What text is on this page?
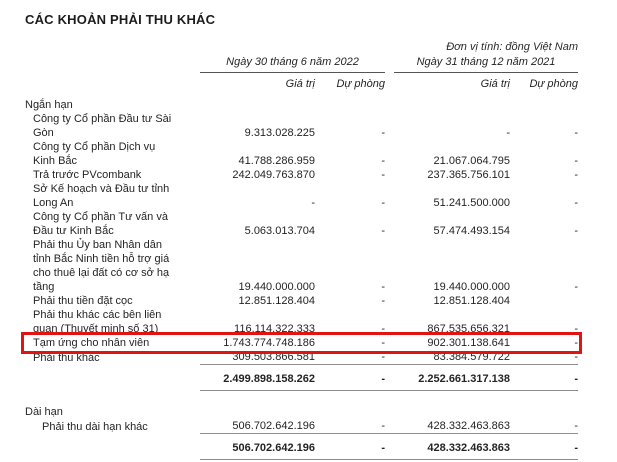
CÁC KHOẢN PHẢI THU KHÁC
Đơn vị tính: đồng Việt Nam

	Ngày 30 tháng 6 năm 2022		Ngày 31 tháng 12 năm 2021	

	Giá trị	Dự phòng	Giá trị	Dự phòng
Ngắn hạn				
Công ty Cổ phần Đầu tư Sài Gòn	9.313.028.225	-	-	-
Công ty Cổ phần Dịch vụ Kinh Bắc	41.788.286.959	-	21.067.064.795	-
Trả trước PVcombank	242.049.763.870	-	237.365.756.101	-
Sở Kế hoạch và Đầu tư tỉnh Long An	-	-	51.241.500.000	-
Công ty Cổ phần Tư vấn và Đầu tư Kinh Bắc	5.063.013.704	-	57.474.493.154	-
Phải thu Ủy ban Nhân dân tỉnh Bắc Ninh tiền hỗ trợ giá cho thuê lại đất có cơ sở hạ tầng	19.440.000.000	-	19.440.000.000	-
Phải thu tiền đặt cọc	12.851.128.404	-	12.851.128.404	
Phải thu khác các bên liên quan (Thuyết minh số 31)	116.114.322.333	-	867.535.656.321	-
Tạm ứng cho nhân viên	1.743.774.748.186	-	902.301.138.641	-
Phải thu khác	309.503.866.581	-	83.384.579.722	-
	2.499.898.158.262	-	2.252.661.317.138	-

Dài hạn				
Phải thu dài hạn khác	506.702.642.196	-	428.332.463.863	-
	506.702.642.196	-	428.332.463.863	-
